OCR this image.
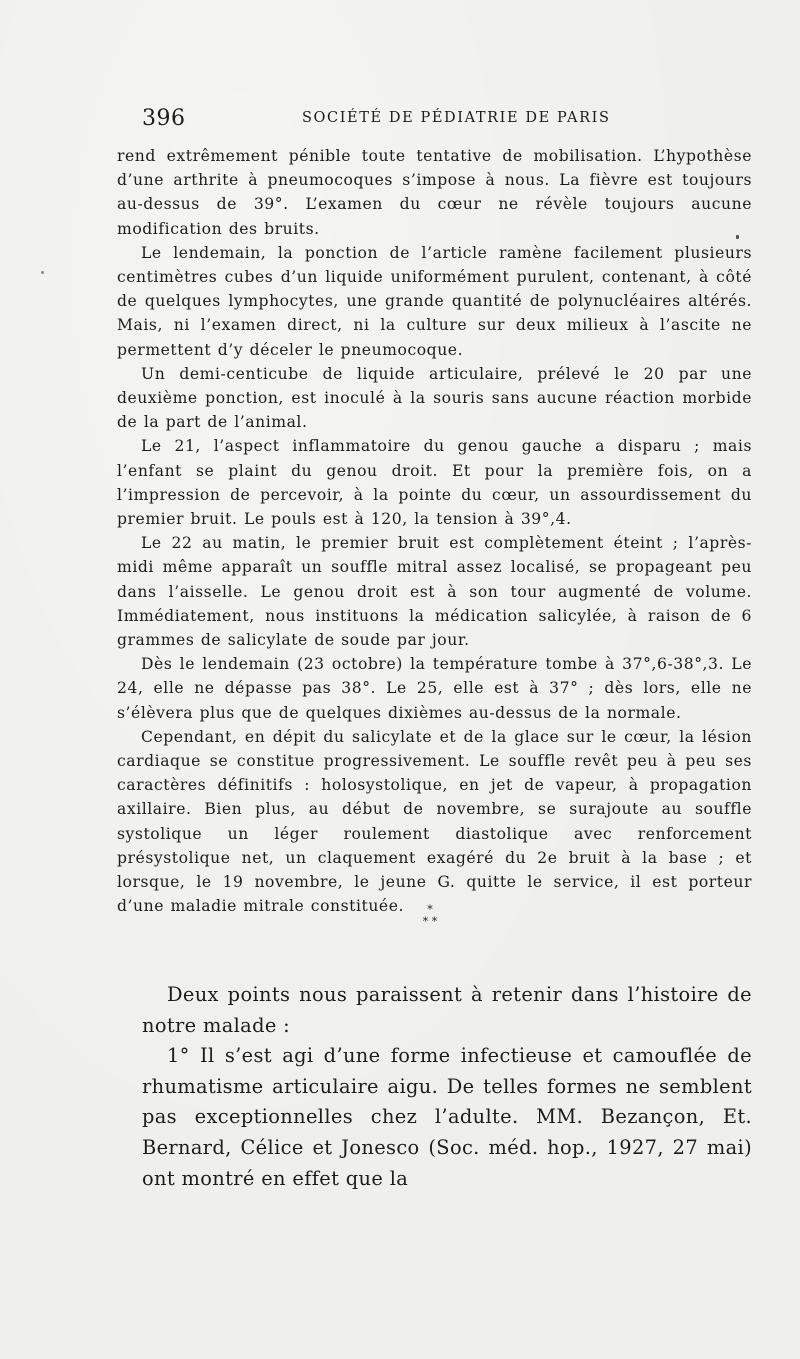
396	SOCIÉTÉ DE PÉDIATRIE DE PARIS

rend extrêmement pénible toute tentative de mobilisation. L’hypothèse d’une arthrite à pneumocoques s’impose à nous. La fièvre est toujours au-dessus de 39°. L’examen du cœur ne révèle toujours aucune modification des bruits.

Le lendemain, la ponction de l’article ramène facilement plusieurs centimètres cubes d’un liquide uniformément purulent, contenant, à côté de quelques lymphocytes, une grande quantité de polynucléaires altérés. Mais, ni l’examen direct, ni la culture sur deux milieux à l’ascite ne permettent d’y déceler le pneumocoque.

Un demi-centicube de liquide articulaire, prélevé le 20 par une deuxième ponction, est inoculé à la souris sans aucune réaction morbide de la part de l’animal.

Le 21, l’aspect inflammatoire du genou gauche a disparu ; mais l’enfant se plaint du genou droit. Et pour la première fois, on a l’impression de percevoir, à la pointe du cœur, un assourdissement du premier bruit. Le pouls est à 120, la tension à 39°,4.

Le 22 au matin, le premier bruit est complètement éteint ; l’après-midi même apparaît un souffle mitral assez localisé, se propageant peu dans l’aisselle. Le genou droit est à son tour augmenté de volume. Immédiatement, nous instituons la médication salicylée, à raison de 6 grammes de salicylate de soude par jour.

Dès le lendemain (23 octobre) la température tombe à 37°,6-38°,3. Le 24, elle ne dépasse pas 38°. Le 25, elle est à 37° ; dès lors, elle ne s’élèvera plus que de quelques dixièmes au-dessus de la normale.

Cependant, en dépit du salicylate et de la glace sur le cœur, la lésion cardiaque se constitue progressivement. Le souffle revêt peu à peu ses caractères définitifs : holosystolique, en jet de vapeur, à propagation axillaire. Bien plus, au début de novembre, se surajoute au souffle systolique un léger roulement diastolique avec renforcement présystolique net, un claquement exagéré du 2e bruit à la base ; et lorsque, le 19 novembre, le jeune G. quitte le service, il est porteur d’une maladie mitrale constituée.	*
* *

Deux points nous paraissent à retenir dans l’histoire de notre malade :

1° Il s’est agi d’une forme infectieuse et camouflée de rhumatisme articulaire aigu. De telles formes ne semblent pas exceptionnelles chez l’adulte. MM. Bezançon, Et. Bernard, Célice et Jonesco (Soc. méd. hop., 1927, 27 mai) ont montré en effet que la
